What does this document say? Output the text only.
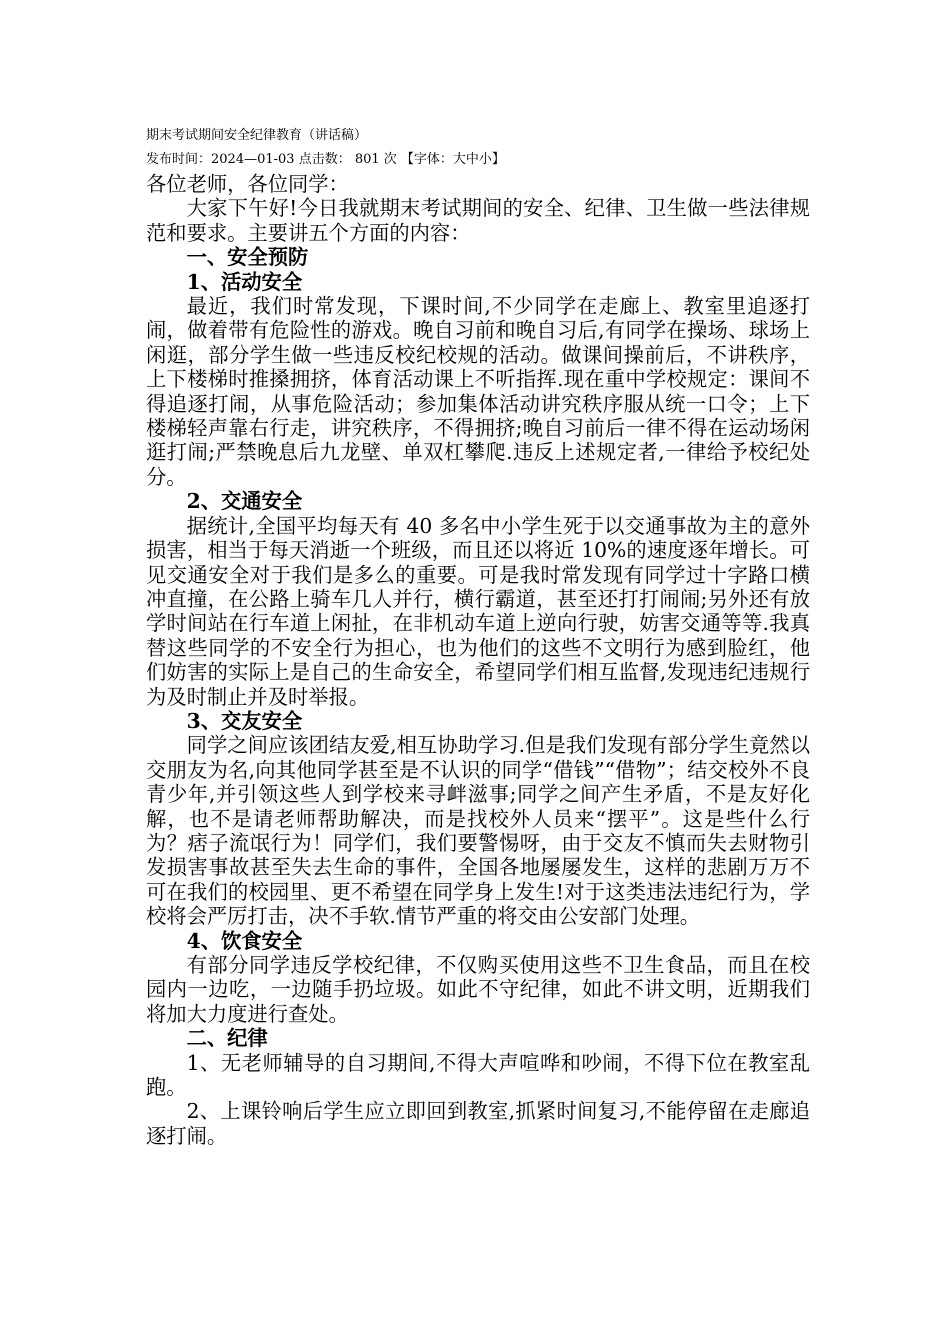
期末考试期间安全纪律教育（讲话稿）
发布时间：2024—01-03 点击数： 801 次 【字体：大中小】
各位老师，各位同学：

大家下午好!今日我就期末考试期间的安全、纪律、卫生做一些法律规范和要求。主要讲五个方面的内容：

一、安全预防
1、活动安全

最近，我们时常发现，下课时间,不少同学在走廊上、教室里追逐打闹，做着带有危险性的游戏。晚自习前和晚自习后,有同学在操场、球场上闲逛，部分学生做一些违反校纪校规的活动。做课间操前后，不讲秩序，上下楼梯时推搡拥挤，体育活动课上不听指挥.现在重中学校规定：课间不得追逐打闹，从事危险活动；参加集体活动讲究秩序服从统一口令；上下楼梯轻声靠右行走，讲究秩序，不得拥挤;晚自习前后一律不得在运动场闲逛打闹;严禁晚息后九龙壁、单双杠攀爬.违反上述规定者,一律给予校纪处分。

2、交通安全

据统计,全国平均每天有 40 多名中小学生死于以交通事故为主的意外损害，相当于每天消逝一个班级，而且还以将近 10%的速度逐年增长。可见交通安全对于我们是多么的重要。可是我时常发现有同学过十字路口横冲直撞，在公路上骑车几人并行，横行霸道，甚至还打打闹闹;另外还有放学时间站在行车道上闲扯，在非机动车道上逆向行驶，妨害交通等等.我真替这些同学的不安全行为担心，也为他们的这些不文明行为感到脸红，他们妨害的实际上是自己的生命安全，希望同学们相互监督,发现违纪违规行为及时制止并及时举报。

3、交友安全

同学之间应该团结友爱,相互协助学习.但是我们发现有部分学生竟然以交朋友为名,向其他同学甚至是不认识的同学“借钱”“借物”；结交校外不良青少年,并引领这些人到学校来寻衅滋事;同学之间产生矛盾，不是友好化解，也不是请老师帮助解决，而是找校外人员来“摆平”。这是些什么行为？痞子流氓行为！同学们，我们要警惕呀，由于交友不慎而失去财物引发损害事故甚至失去生命的事件，全国各地屡屡发生，这样的悲剧万万不可在我们的校园里、更不希望在同学身上发生!对于这类违法违纪行为，学校将会严厉打击，决不手软.情节严重的将交由公安部门处理。

4、饮食安全

有部分同学违反学校纪律，不仅购买使用这些不卫生食品，而且在校园内一边吃，一边随手扔垃圾。如此不守纪律，如此不讲文明，近期我们将加大力度进行查处。

二、纪律

1、无老师辅导的自习期间,不得大声喧哗和吵闹，不得下位在教室乱跑。

2、上课铃响后学生应立即回到教室,抓紧时间复习,不能停留在走廊追逐打闹。
